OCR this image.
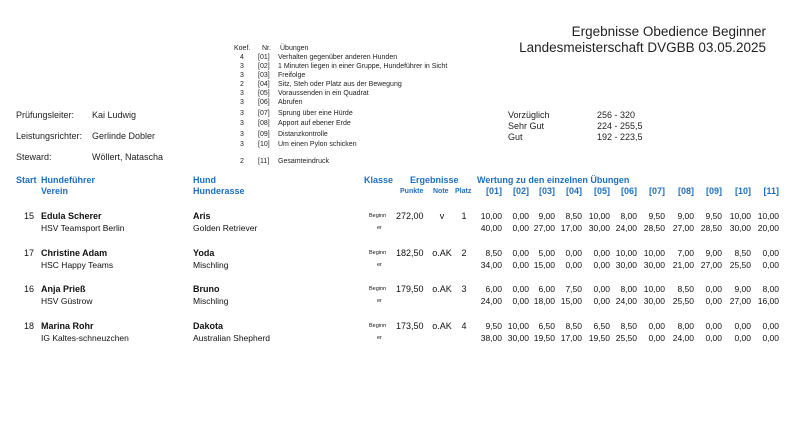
Ergebnisse Obedience Beginner
Landesmeisterschaft DVGBB 03.05.2025
Koef. Nr. Übungen
4 [01] Verhalten gegenüber anderen Hunden
3 [02] 1 Minuten liegen in einer Gruppe, Hundeführer in Sicht
3 [03] Freifolge
2 [04] Sitz, Steh oder Platz aus der Bewegung
3 [05] Voraussenden in ein Quadrat
3 [06] Abrufen
3 [07] Sprung über eine Hürde
3 [08] Apport auf ebener Erde
3 [09] Distanzkontrolle
3 [10] Um einen Pylon schicken
2 [11] Gesamteindruck
Prüfungsleiter: Kai Ludwig
Leistungsrichter: Gerlinde Dobler
Steward:	Wöllert, Natascha
Vorzüglich	256 - 320
Sehr Gut	224 - 255,5
Gut	192 - 223,5
Start Hundeführer
Verein
Hund
Hunderasse
Klasse Ergebnisse
Punkte Note Platz
Wertung zu den einzelnen Übungen
[01]	[02]	[03]	[04]	[05]	[06]	[07]	[08]	[09]	[10]	[11]
15 Edula Scherer
HSV Teamsport Berlin
Aris
Golden Retriever
Beginn
er
272,00	v	1	10,00	0,00	9,00	8,50 10,00	8,00	9,50	9,00	9,50 10,00 10,00
40,00	0,00 27,00 17,00 30,00 24,00 28,50 27,00 28,50 30,00 20,00
17 Christine Adam
HSC Happy Teams
Yoda
Mischling
Beginn
er
182,50 o.AK	2	8,50	0,00	5,00	0,00	0,00 10,00 10,00	7,00	9,00	8,50	0,00
34,00	0,00 15,00	0,00	0,00 30,00 30,00 21,00 27,00 25,50	0,00
16 Anja Prieß
HSV Güstrow
Bruno
Mischling
Beginn
er
179,50 o.AK	3	6,00	0,00	6,00	7,50	0,00	8,00 10,00	8,50	0,00	9,00	8,00
24,00	0,00 18,00 15,00	0,00 24,00 30,00 25,50	0,00 27,00 16,00
18 Marina Rohr
IG Kaltes-schneuzchen
Dakota
Australian Shepherd
Beginn
er
173,50 o.AK	4	9,50 10,00	6,50	8,50	6,50	8,50	0,00	8,00	0,00	0,00	0,00
38,00 30,00 19,50 17,00 19,50 25,50	0,00 24,00	0,00	0,00	0,00
